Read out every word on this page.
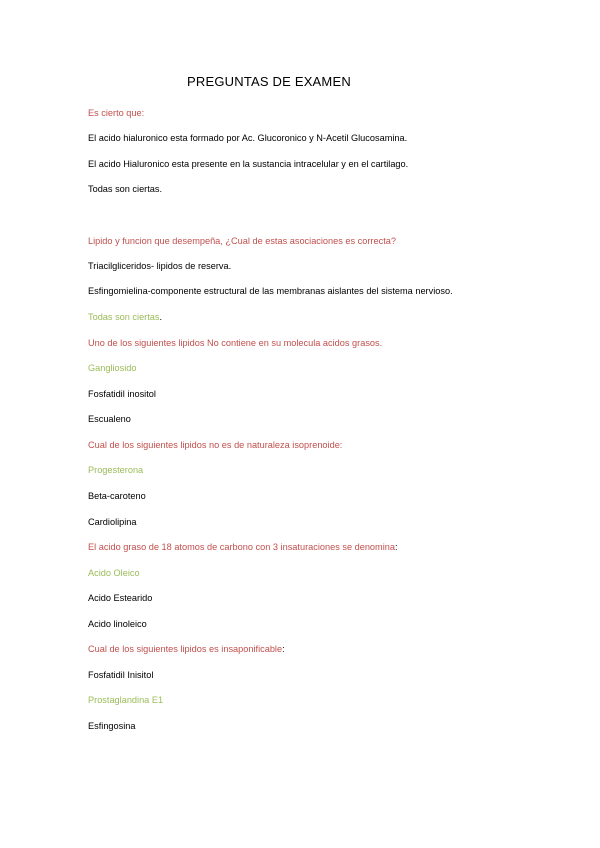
PREGUNTAS DE EXAMEN
Es cierto que:
El acido hialuronico esta formado por Ac. Glucoronico y N-Acetil Glucosamina.
El acido Hialuronico esta presente en la sustancia intracelular y en el cartilago.
Todas son ciertas.
Lipido y funcion que desempeña, ¿Cual de estas asociaciones es correcta?
Triacilgliceridos- lipidos de reserva.
Esfingomielina-componente estructural de las membranas aislantes del sistema nervioso.
Todas son ciertas.
Uno de los siguientes lipidos No contiene en su molecula acidos grasos.
Gangliosido
Fosfatidil inositol
Escualeno
Cual de los siguientes lipidos no es de naturaleza isoprenoide:
Progesterona
Beta-caroteno
Cardiolipina
El acido graso de 18 atomos de carbono con 3 insaturaciones se denomina:
Acido Oleico
Acido Estearido
Acido linoleico
Cual de los siguientes lipidos es insaponificable:
Fosfatidil Inisitol
Prostaglandina E1
Esfingosina
